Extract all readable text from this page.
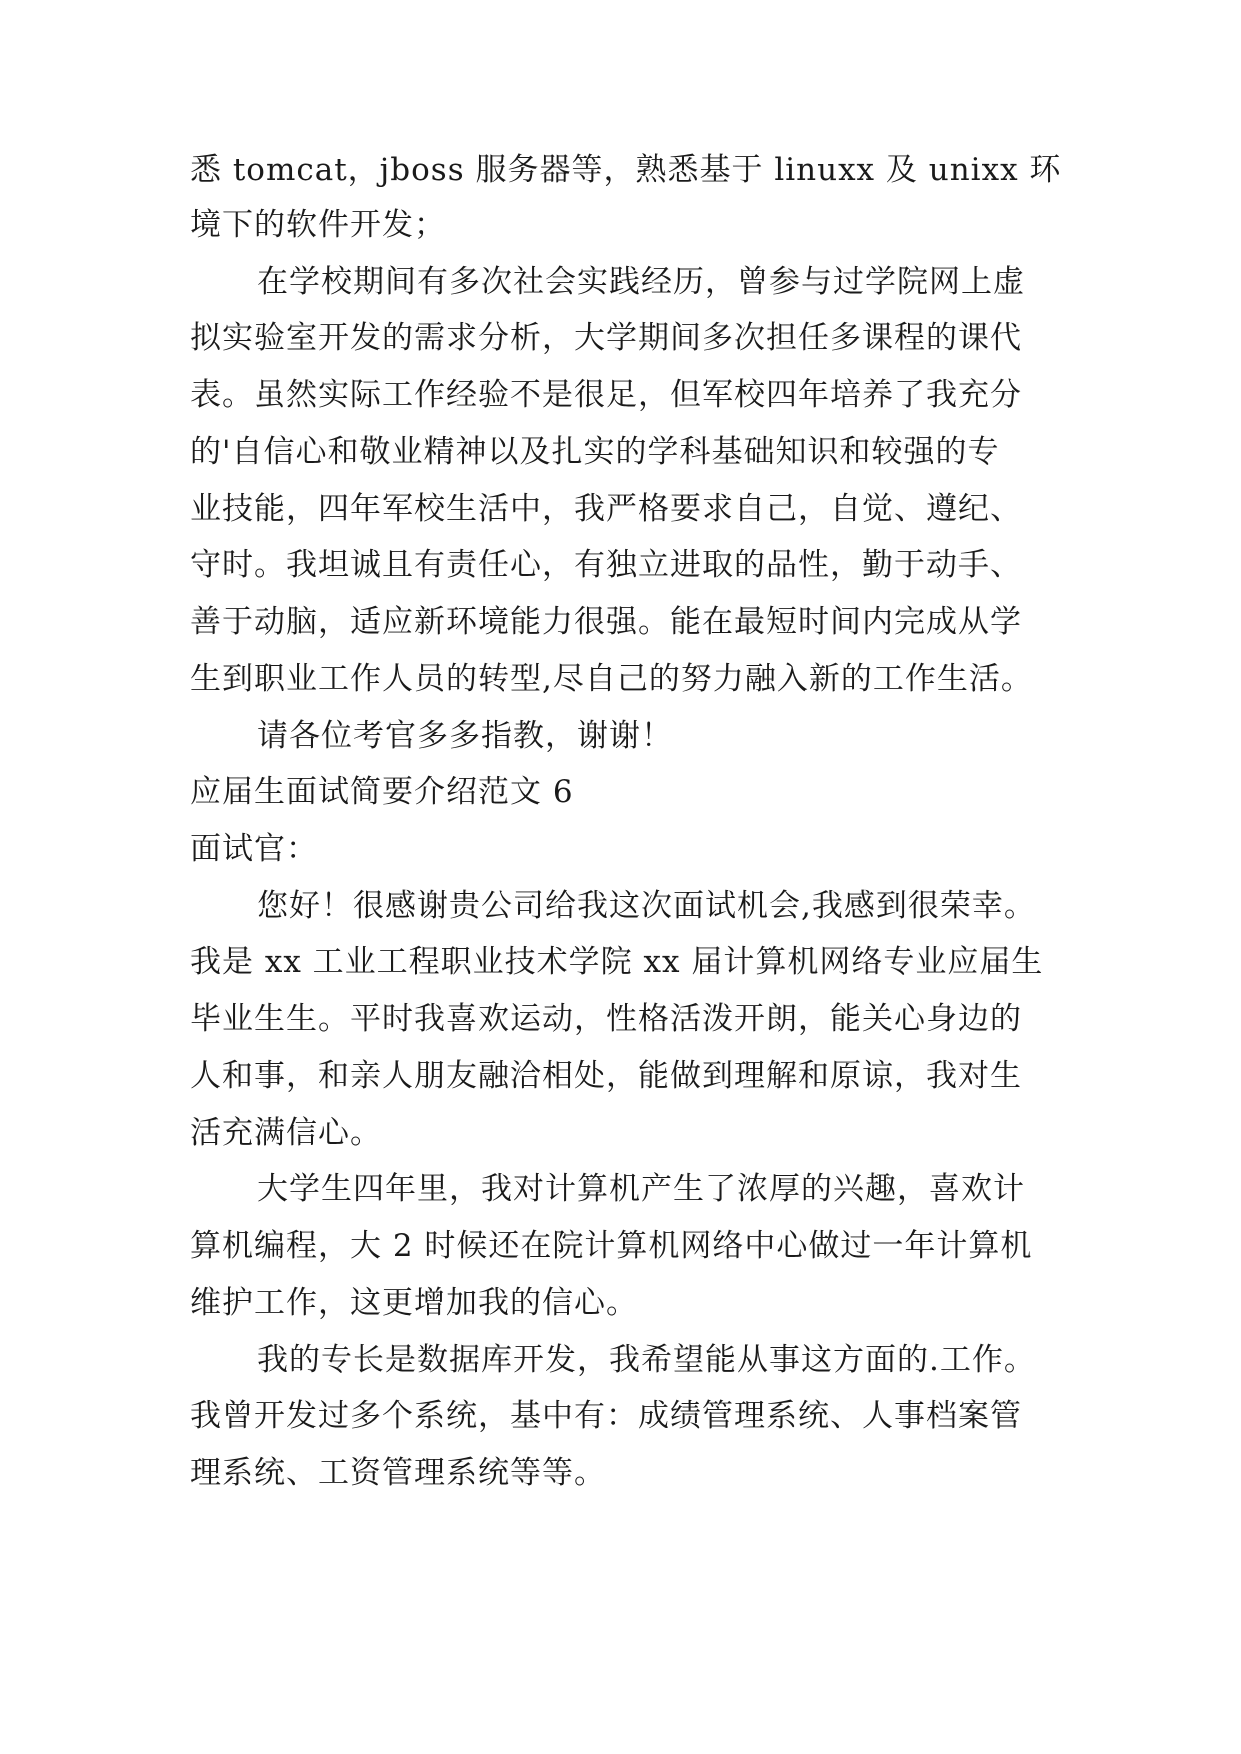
悉 tomcat，jboss 服务器等，熟悉基于 linuxx 及 unixx 环
境下的软件开发；
在学校期间有多次社会实践经历，曾参与过学院网上虚
拟实验室开发的需求分析，大学期间多次担任多课程的课代
表。虽然实际工作经验不是很足，但军校四年培养了我充分
的'自信心和敬业精神以及扎实的学科基础知识和较强的专
业技能，四年军校生活中，我严格要求自己，自觉、遵纪、
守时。我坦诚且有责任心，有独立进取的品性，勤于动手、
善于动脑，适应新环境能力很强。能在最短时间内完成从学
生到职业工作人员的转型,尽自己的努力融入新的工作生活。
请各位考官多多指教，谢谢！
应届生面试简要介绍范文 6
面试官：
您好！很感谢贵公司给我这次面试机会,我感到很荣幸。
我是 xx 工业工程职业技术学院 xx 届计算机网络专业应届生
毕业生生。平时我喜欢运动，性格活泼开朗，能关心身边的
人和事，和亲人朋友融洽相处，能做到理解和原谅，我对生
活充满信心。
大学生四年里，我对计算机产生了浓厚的兴趣，喜欢计
算机编程，大 2 时候还在院计算机网络中心做过一年计算机
维护工作，这更增加我的信心。
我的专长是数据库开发，我希望能从事这方面的.工作。
我曾开发过多个系统，基中有：成绩管理系统、人事档案管
理系统、工资管理系统等等。
